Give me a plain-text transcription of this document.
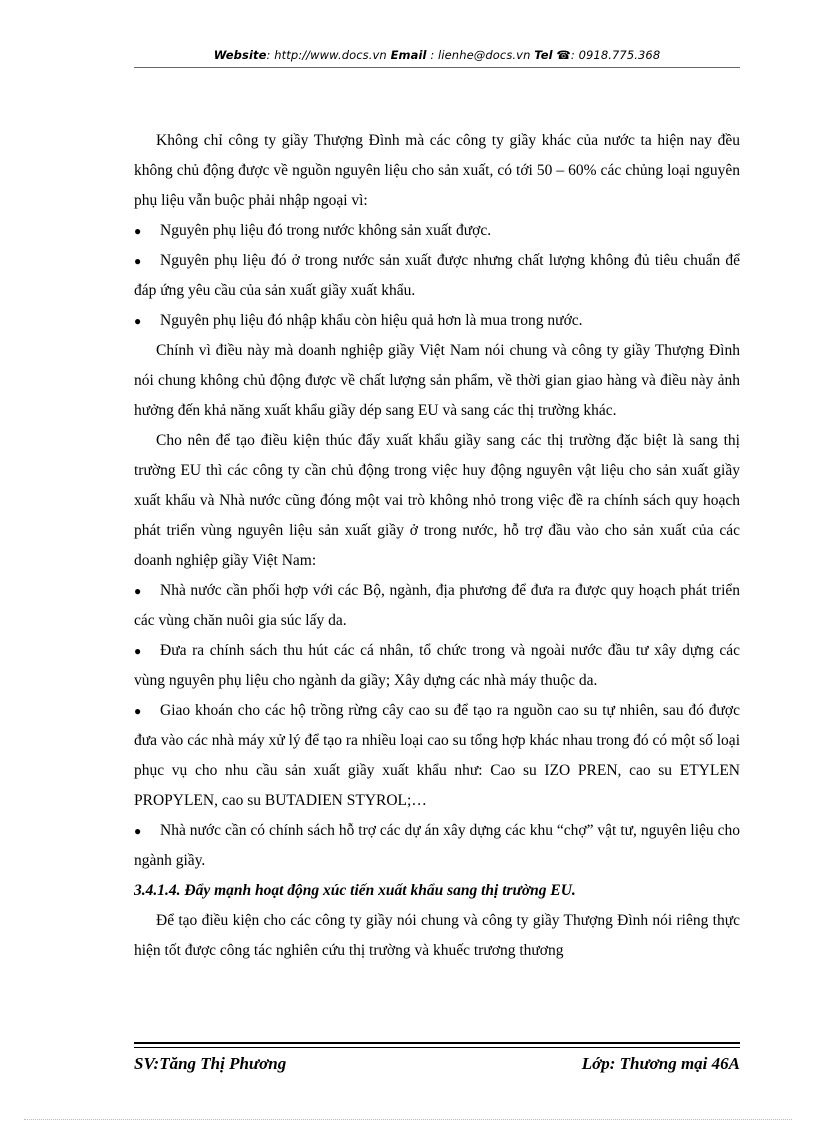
Website: http://www.docs.vn Email : lienhe@docs.vn Tel ☎: 0918.775.368

Không chỉ công ty giầy Thượng Đình mà các công ty giầy khác của nước ta hiện nay đều không chủ động được về nguồn nguyên liệu cho sản xuất, có tới 50 – 60% các chủng loại nguyên phụ liệu vẫn buộc phải nhập ngoại vì:

● Nguyên phụ liệu đó trong nước không sản xuất được.

● Nguyên phụ liệu đó ở trong nước sản xuất được nhưng chất lượng không đủ tiêu chuẩn để đáp ứng yêu cầu của sản xuất giầy xuất khẩu.

● Nguyên phụ liệu đó nhập khẩu còn hiệu quả hơn là mua trong nước.

Chính vì điều này mà doanh nghiệp giầy Việt Nam nói chung và công ty giầy Thượng Đình nói chung không chủ động được về chất lượng sản phẩm, về thời gian giao hàng và điều này ảnh hưởng đến khả năng xuất khẩu giầy dép sang EU và sang các thị trường khác.

Cho nên để tạo điều kiện thúc đẩy xuất khẩu giầy sang các thị trường đặc biệt là sang thị trường EU thì các công ty cần chủ động trong việc huy động nguyên vật liệu cho sản xuất giầy xuất khẩu và Nhà nước cũng đóng một vai trò không nhỏ trong việc đề ra chính sách quy hoạch phát triển vùng nguyên liệu sản xuất giầy ở trong nước, hỗ trợ đầu vào cho sản xuất của các doanh nghiệp giầy Việt Nam:

● Nhà nước cần phối hợp với các Bộ, ngành, địa phương để đưa ra được quy hoạch phát triển các vùng chăn nuôi gia súc lấy da.

● Đưa ra chính sách thu hút các cá nhân, tổ chức trong và ngoài nước đầu tư xây dựng các vùng nguyên phụ liệu cho ngành da giầy; Xây dựng các nhà máy thuộc da.

● Giao khoán cho các hộ trồng rừng cây cao su để tạo ra nguồn cao su tự nhiên, sau đó được đưa vào các nhà máy xử lý để tạo ra nhiều loại cao su tổng hợp khác nhau trong đó có một số loại phục vụ cho nhu cầu sản xuất giầy xuất khẩu như: Cao su IZO PREN, cao su ETYLEN PROPYLEN, cao su BUTADIEN STYROL;…

● Nhà nước cần có chính sách hỗ trợ các dự án xây dựng các khu “chợ” vật tư, nguyên liệu cho ngành giầy.

3.4.1.4. Đẩy mạnh hoạt động xúc tiến xuất khẩu sang thị trường EU.

Để tạo điều kiện cho các công ty giầy nói chung và công ty giầy Thượng Đình nói riêng thực hiện tốt được công tác nghiên cứu thị trường và khuếc trương thương

SV:Tăng Thị Phương	Lớp: Thương mại 46A
